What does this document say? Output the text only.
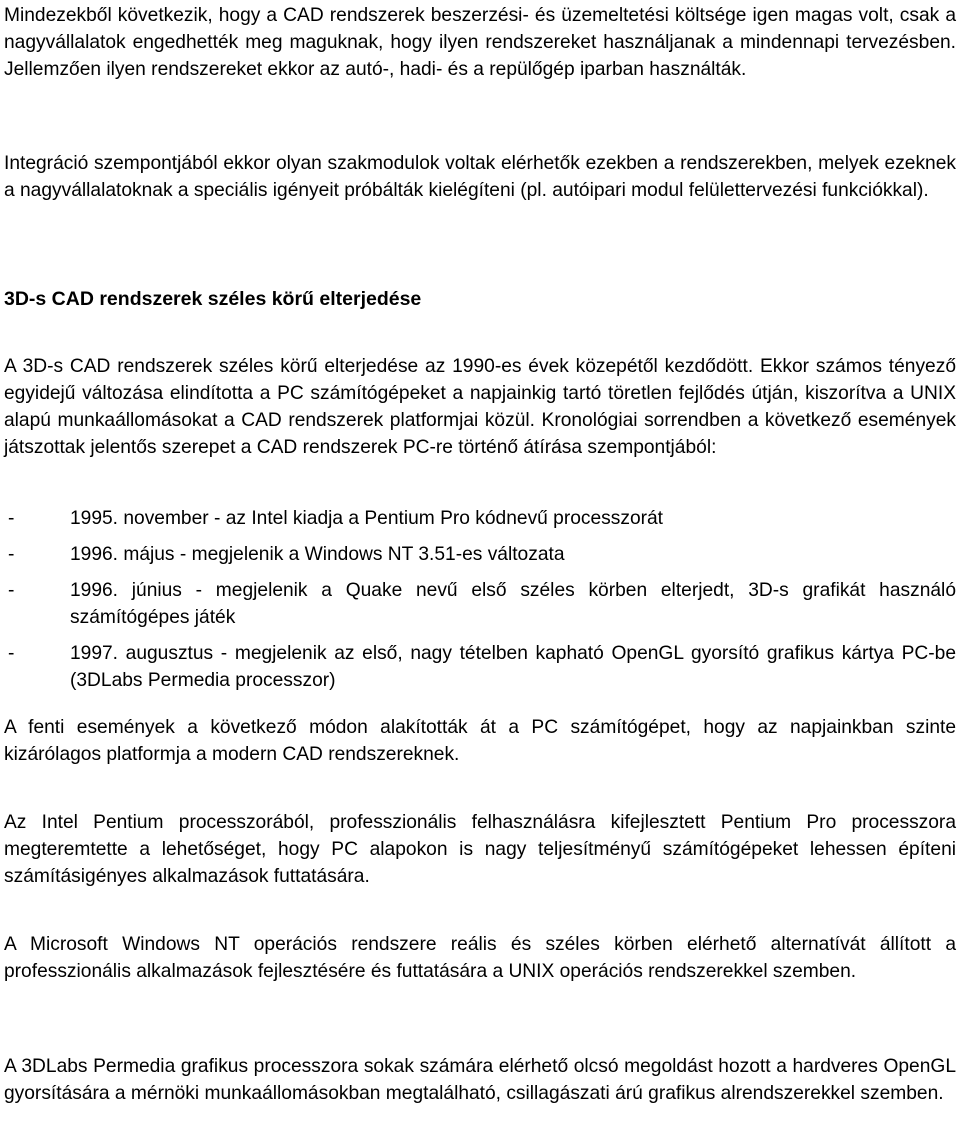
Mindezekből következik, hogy a CAD rendszerek beszerzési- és üzemeltetési költsége igen magas volt, csak a nagyvállalatok engedhették meg maguknak, hogy ilyen rendszereket használjanak a mindennapi tervezésben. Jellemzően ilyen rendszereket ekkor az autó-, hadi- és a repülőgép iparban használták.

Integráció szempontjából ekkor olyan szakmodulok voltak elérhetők ezekben a rendszerekben, melyek ezeknek a nagyvállalatoknak a speciális igényeit próbálták kielégíteni (pl. autóipari modul felülettervezési funkciókkal).

3D-s CAD rendszerek széles körű elterjedése

A 3D-s CAD rendszerek széles körű elterjedése az 1990-es évek közepétől kezdődött. Ekkor számos tényező egyidejű változása elindította a PC számítógépeket a napjainkig tartó töretlen fejlődés útján, kiszorítva a UNIX alapú munkaállomásokat a CAD rendszerek platformjai közül. Kronológiai sorrendben a következő események játszottak jelentős szerepet a CAD rendszerek PC-re történő átírása szempontjából:

-	1995. november - az Intel kiadja a Pentium Pro kódnevű processzorát
-	1996. május - megjelenik a Windows NT 3.51-es változata
-	1996. június - megjelenik a Quake nevű első széles körben elterjedt, 3D-s grafikát használó számítógépes játék
-	1997. augusztus - megjelenik az első, nagy tételben kapható OpenGL gyorsító grafikus kártya PC-be (3DLabs Permedia processzor)

A fenti események a következő módon alakították át a PC számítógépet, hogy az napjainkban szinte kizárólagos platformja a modern CAD rendszereknek.

Az Intel Pentium processzorából, professzionális felhasználásra kifejlesztett Pentium Pro processzora megteremtette a lehetőséget, hogy PC alapokon is nagy teljesítményű számítógépeket lehessen építeni számításigényes alkalmazások futtatására.

A Microsoft Windows NT operációs rendszere reális és széles körben elérhető alternatívát állított a professzionális alkalmazások fejlesztésére és futtatására a UNIX operációs rendszerekkel szemben.

A 3DLabs Permedia grafikus processzora sokak számára elérhető olcsó megoldást hozott a hardveres OpenGL gyorsítására a mérnöki munkaállomásokban megtalálható, csillagászati árú grafikus alrendszerekkel szemben.
